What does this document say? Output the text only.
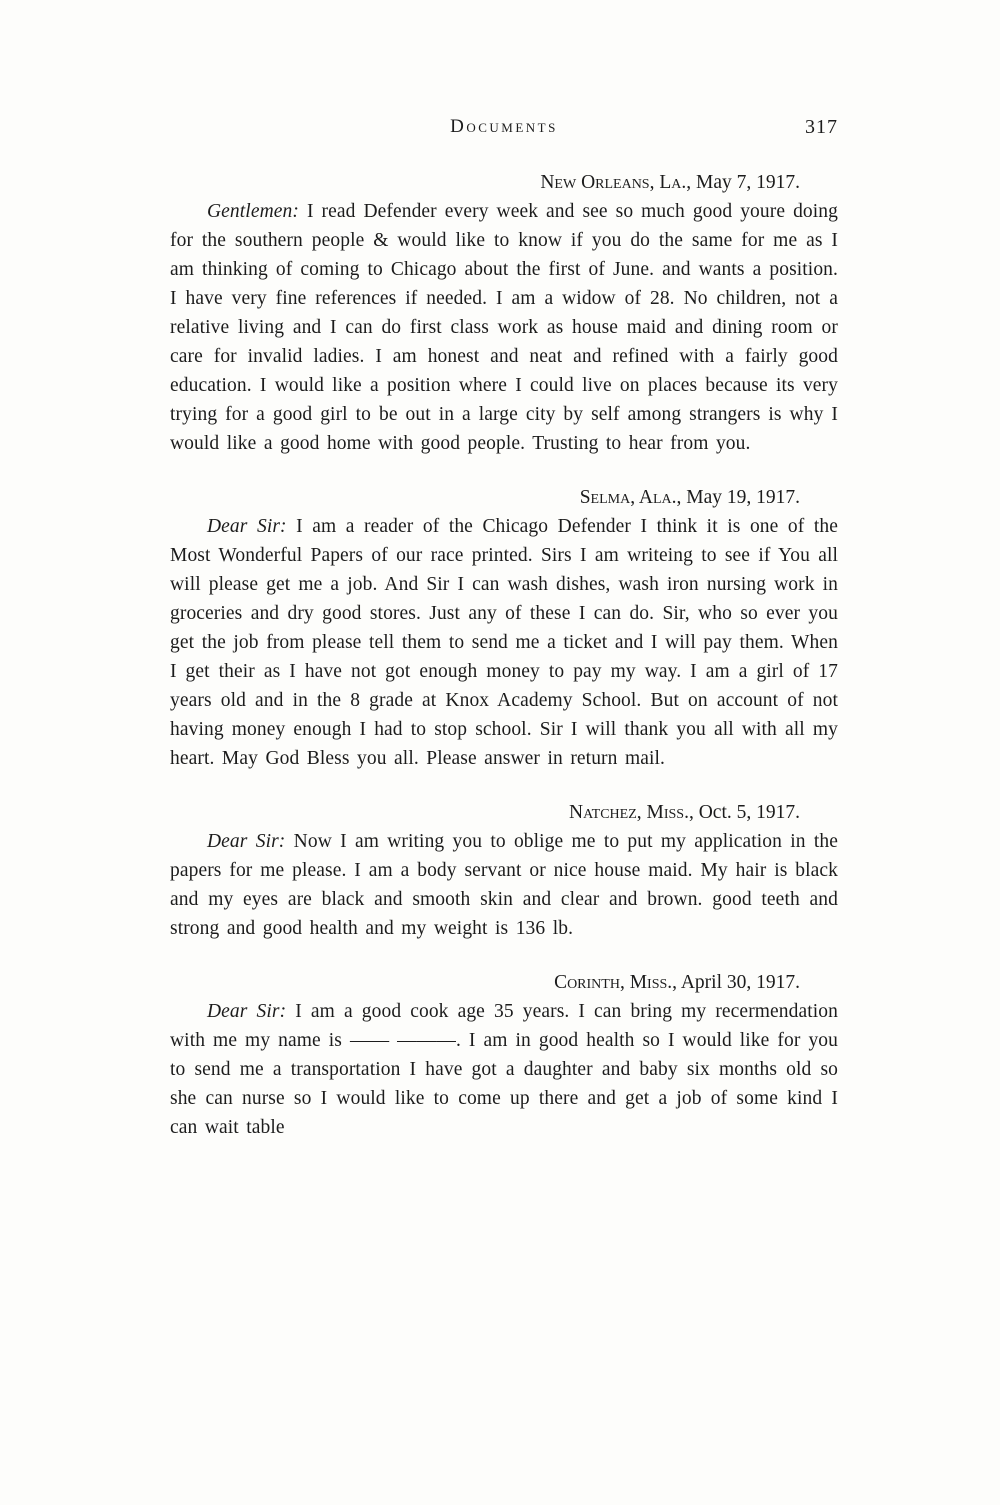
Documents	317

New Orleans, La., May 7, 1917.

Gentlemen: I read Defender every week and see so much good youre doing for the southern people & would like to know if you do the same for me as I am thinking of coming to Chicago about the first of June. and wants a position. I have very fine references if needed. I am a widow of 28. No children, not a relative living and I can do first class work as house maid and dining room or care for invalid ladies. I am honest and neat and refined with a fairly good education. I would like a position where I could live on places because its very trying for a good girl to be out in a large city by self among strangers is why I would like a good home with good people. Trusting to hear from you.

Selma, Ala., May 19, 1917.

Dear Sir: I am a reader of the Chicago Defender I think it is one of the Most Wonderful Papers of our race printed. Sirs I am writeing to see if You all will please get me a job. And Sir I can wash dishes, wash iron nursing work in groceries and dry good stores. Just any of these I can do. Sir, who so ever you get the job from please tell them to send me a ticket and I will pay them. When I get their as I have not got enough money to pay my way. I am a girl of 17 years old and in the 8 grade at Knox Academy School. But on account of not having money enough I had to stop school. Sir I will thank you all with all my heart. May God Bless you all. Please answer in return mail.

Natchez, Miss., Oct. 5, 1917.

Dear Sir: Now I am writing you to oblige me to put my application in the papers for me please. I am a body servant or nice house maid. My hair is black and my eyes are black and smooth skin and clear and brown. good teeth and strong and good health and my weight is 136 lb.

Corinth, Miss., April 30, 1917.

Dear Sir: I am a good cook age 35 years. I can bring my recermendation with me my name is —— ———. I am in good health so I would like for you to send me a transportation I have got a daughter and baby six months old so she can nurse so I would like to come up there and get a job of some kind I can wait table
